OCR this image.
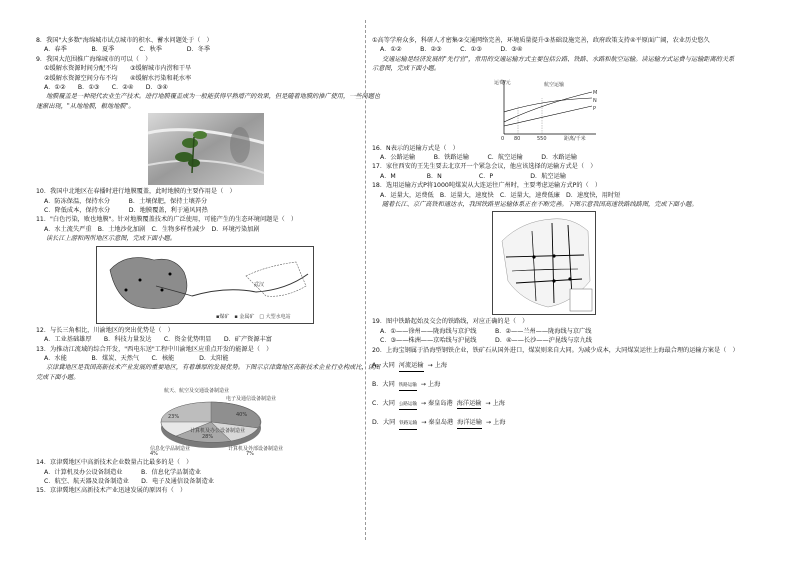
8．我国"大多数"海绵城市试点城市的积水、蓄水问题处于（　）
A．春季　　　　B．夏季　　　　C．秋季　　　　D．冬季
9．我国大范围推广海绵城市的可以（　）
①缓解水资源时间分配不均　　③缓解城市内涝和干旱
②缓解水资源空间分布不均　　④缓解水污染和耗水率
A．①②　　B．①③　　C．②④　　D．③④
地膜覆盖是一种现代农业生产技术。进行地膜覆盖成为一般能获得早熟增产的效果，但是随着地膜的推广使用，一些问题也逐渐出现，"从地地膜，粮地地膜"。
10．我国中北地区在春播时进行地膜覆盖，此时地膜的主要作用是（　）
A．防冻保温，保持水分　　　B．土壤保肥，保持土壤养分
C．降低成本，保持水分　　　D．地膜覆盖，利于通风同热
11．"白色污染，败也地膜"。针对地膜覆盖技术的广泛使用，可能产生的生态环境问题是（　）
A．水土流失严重　B．土地沙化加剧　C．生物多样性减少　D．环境污染加剧
读长江上游和两所地区示意图，完成下面小题。
武汉
▪煤矿　▪ 金属矿　□ 大型水电站
12．与长三角相比，川渝地区的突出优势是（　）
A．工业基础雄厚　　B．科技力量发达　　C．资金优势明显　　D．矿产资源丰富
13．为推动江流域的综合开发，"西电东送"工程中川渝地区应重点开发的能源是（　）
A．水能　　　　B．煤炭、天然气　　C．核能　　　　D．太阳能
京津冀地区是我国高新技术产业发展的重要地区，有着雄厚的发展优势。下图示京津冀地区高新技术企业行业构成比，读图完成下面小题。
航天、航空及交通设备制造业
23%
电子及通信设备制造业
40%
计算机及办公设备制造业
28%
信息化学品制造业
4%
计算机及外部设备制造业
7%
14．京津冀地区中高新技术企业数量占比最多的是（　）
A．计算机及办公设备制造业　　　B．信息化学品制造业
C．航空、航天器及设备制造业　　D．电子及通信设备制造业
15．京津冀地区高新技术产业迅速发展的原因有（　）
①高等学府众多，科研人才密集②交通网络完善，环境质量提升③基础设施完善，政府政策支持④平原面广阔，农业历史悠久
A．①②　　　B．②③　　　C．①③　　　D．③④
交通运输是经济发展的"先行官"，常用的交通运输方式主要包括公路、铁路、水路和航空运输。读运输方式运费与运输距离的关系示意图，完成下面小题。
运费/元	航空运输
M
N
P
0 80	550	距离/千米
16．N表示的运输方式是（　）
A．公路运输　　　B．铁路运输　　　C．航空运输　　　D．水路运输
17．家住西安的王先生要去北京开一个紧急会议，他应该选择的运输方式是（　）
A．M　　　　　B．N　　　　　　C．P　　　　　　D．航空运输
18．选用运输方式P将1000吨煤炭从大连运往广州时，主要考虑运输方式P的（　）
A．运量大，运费低　B．运量大，速度快　C．运量大，速费低廉　D．速度快，用时短
随着长江、京广高铁和通达水，我国铁路里运输体系正在不断完善。下图示意我国高速铁路线路图，完成下面小题。
19．图中铁路起始及交会的铁路线，对应正确的是（　）
A．①——徐州——陇海线与京沪线　　　B．②——兰州——陇海线与京广线
C．③——株洲——京哈线与沪昆线　　　D．④——长沙——沪昆线与京九线
20．上海宝钢属于沿海型钢铁企业，铁矿石从国外进口，煤炭则来自大同。为减少成本，大同煤炭运往上海最合理的运输方案是（　）
A．大同 河流运输 → 上海
B．大同 铁路运输 → 上海
C．大同 公路运输 → 秦皇岛港 海洋运输 → 上海
D．大同 铁路运输 → 秦皇岛港 海洋运输 → 上海
